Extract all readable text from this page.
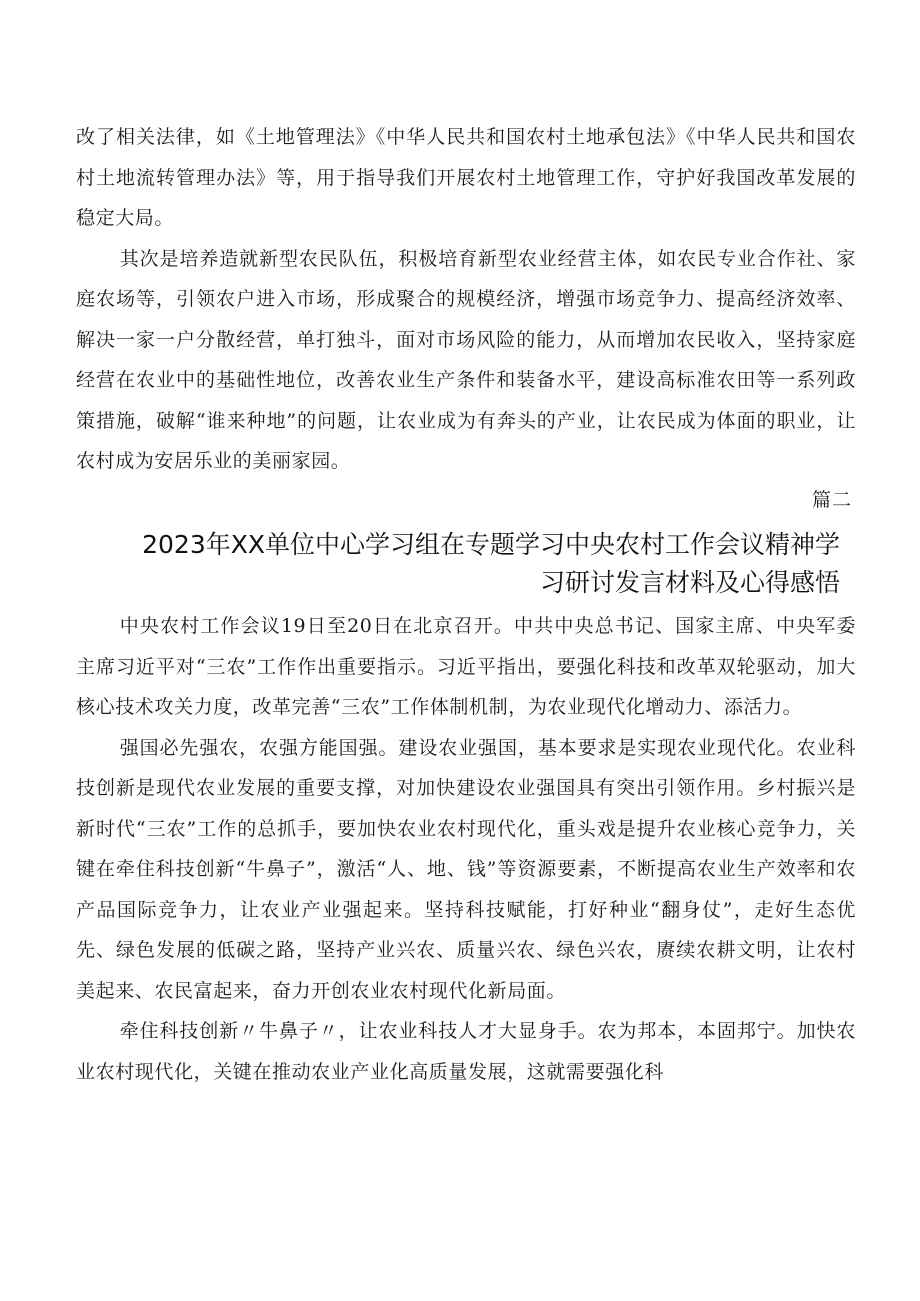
改了相关法律，如《土地管理法》《中华人民共和国农村土地承包法》《中华人民共和国农村土地流转管理办法》等，用于指导我们开展农村土地管理工作，守护好我国改革发展的稳定大局。

其次是培养造就新型农民队伍，积极培育新型农业经营主体，如农民专业合作社、家庭农场等，引领农户进入市场，形成聚合的规模经济，增强市场竞争力、提高经济效率、解决一家一户分散经营，单打独斗，面对市场风险的能力，从而增加农民收入，坚持家庭经营在农业中的基础性地位，改善农业生产条件和装备水平，建设高标准农田等一系列政策措施，破解“谁来种地”的问题，让农业成为有奔头的产业，让农民成为体面的职业，让农村成为安居乐业的美丽家园。

篇二
2023年XX单位中心学习组在专题学习中央农村工作会议精神学
习研讨发言材料及心得感悟

中央农村工作会议19日至20日在北京召开。中共中央总书记、国家主席、中央军委主席习近平对“三农”工作作出重要指示。习近平指出，要强化科技和改革双轮驱动，加大核心技术攻关力度，改革完善“三农”工作体制机制，为农业现代化增动力、添活力。

强国必先强农，农强方能国强。建设农业强国，基本要求是实现农业现代化。农业科技创新是现代农业发展的重要支撑，对加快建设农业强国具有突出引领作用。乡村振兴是新时代“三农”工作的总抓手，要加快农业农村现代化，重头戏是提升农业核心竞争力，关键在牵住科技创新“牛鼻子”，激活“人、地、钱”等资源要素，不断提高农业生产效率和农产品国际竞争力，让农业产业强起来。坚持科技赋能，打好种业“翻身仗”，走好生态优先、绿色发展的低碳之路，坚持产业兴农、质量兴农、绿色兴农，赓续农耕文明，让农村美起来、农民富起来，奋力开创农业农村现代化新局面。

牵住科技创新〃牛鼻子〃，让农业科技人才大显身手。农为邦本，本固邦宁。加快农业农村现代化，关键在推动农业产业化高质量发展，这就需要强化科
